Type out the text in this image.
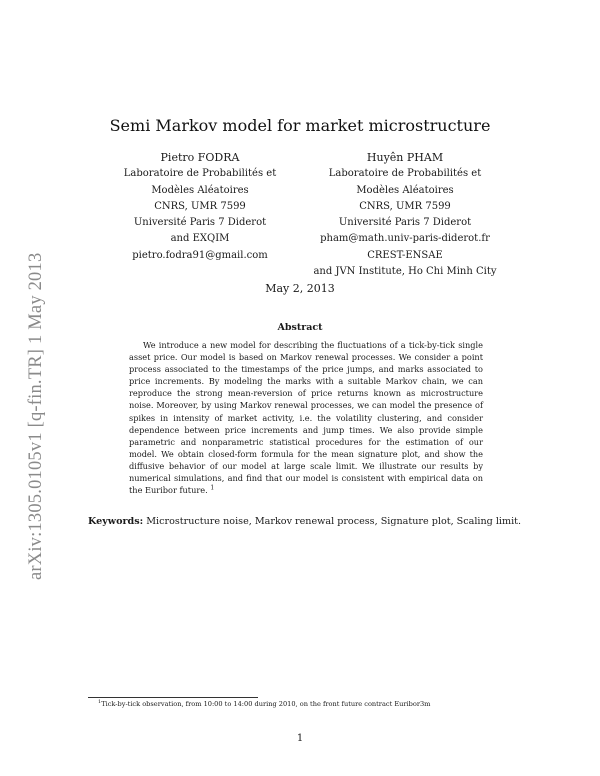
arXiv:1305.0105v1 [q-fin.TR] 1 May 2013
Semi Markov model for market microstructure
Pietro FODRA
Laboratoire de Probabilités et
Modèles Aléatoires
CNRS, UMR 7599
Université Paris 7 Diderot
and EXQIM
pietro.fodra91@gmail.com
Huyên PHAM
Laboratoire de Probabilités et
Modèles Aléatoires
CNRS, UMR 7599
Université Paris 7 Diderot
pham@math.univ-paris-diderot.fr
CREST-ENSAE
and JVN Institute, Ho Chi Minh City
May 2, 2013
Abstract
We introduce a new model for describing the fluctuations of a tick-by-tick single asset price. Our model is based on Markov renewal processes. We consider a point process associated to the timestamps of the price jumps, and marks associated to price increments. By modeling the marks with a suitable Markov chain, we can reproduce the strong mean-reversion of price returns known as microstructure noise. Moreover, by using Markov renewal processes, we can model the presence of spikes in intensity of market activity, i.e. the volatility clustering, and consider dependence between price increments and jump times. We also provide simple parametric and nonparametric statistical procedures for the estimation of our model. We obtain closed-form formula for the mean signature plot, and show the diffusive behavior of our model at large scale limit. We illustrate our results by numerical simulations, and find that our model is consistent with empirical data on the Euribor future. $^1$
Keywords: Microstructure noise, Markov renewal process, Signature plot, Scaling limit.
$^1$Tick-by-tick observation, from 10:00 to 14:00 during 2010, on the front future contract Euribor3m
1
